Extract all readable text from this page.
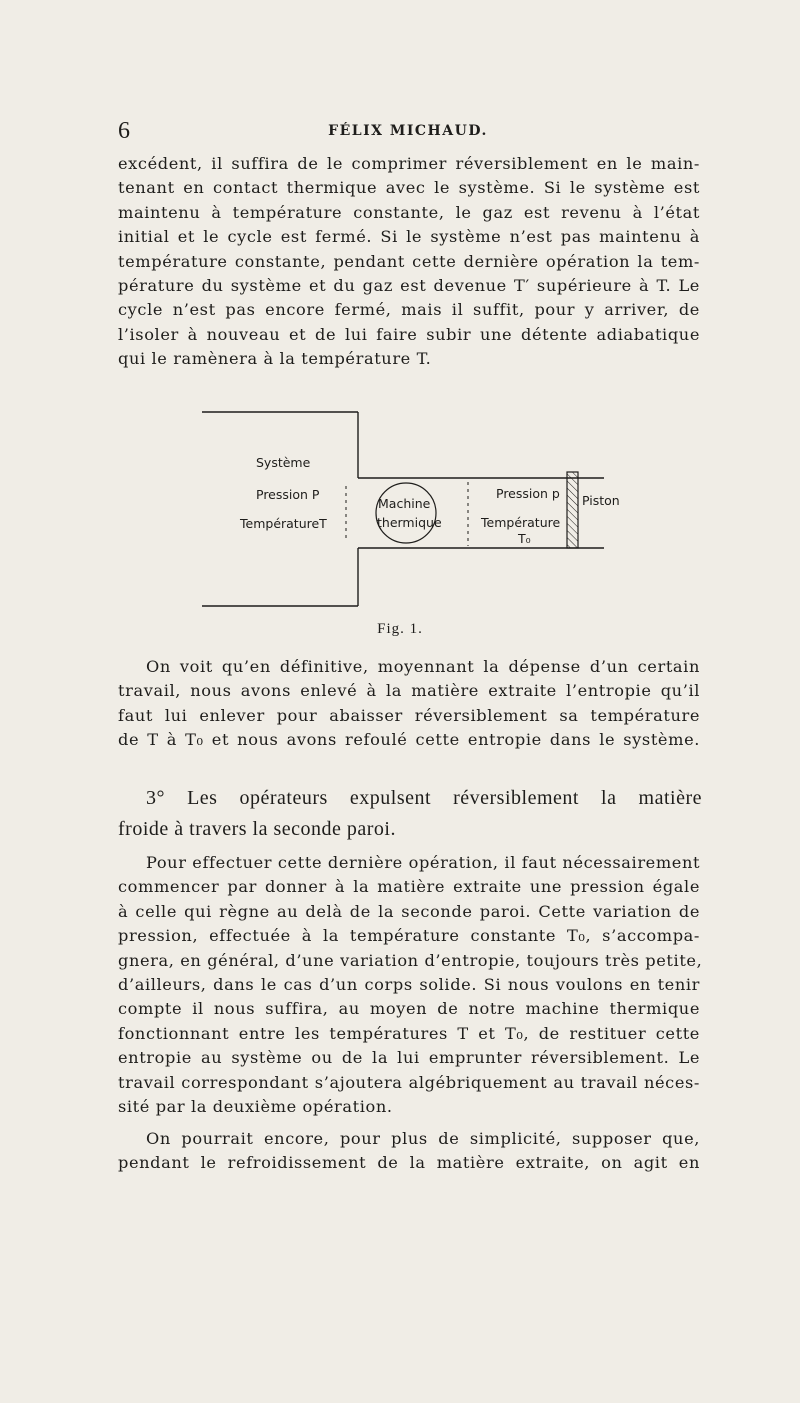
6	FÉLIX MICHAUD.
excédent, il suffira de le comprimer réversiblement en le main-
tenant en contact thermique avec le système. Si le système est
maintenu à température constante, le gaz est revenu à l’état
initial et le cycle est fermé. Si le système n’est pas maintenu à
température constante, pendant cette dernière opération la tem-
pérature du système et du gaz est devenue T′ supérieure à T. Le
cycle n’est pas encore fermé, mais il suffit, pour y arriver, de
l’isoler à nouveau et de lui faire subir une détente adiabatique
qui le ramènera à la température T.
Système
Pression P
TempératureT
Machine
thermique
Pression p
Température
T₀
Piston
Fig. 1.
On voit qu’en définitive, moyennant la dépense d’un certain
travail, nous avons enlevé à la matière extraite l’entropie qu’il
faut lui enlever pour abaisser réversiblement sa température
de T à T₀ et nous avons refoulé cette entropie dans le système.
3° Les opérateurs expulsent réversiblement la matière
froide à travers la seconde paroi.
Pour effectuer cette dernière opération, il faut nécessairement
commencer par donner à la matière extraite une pression égale
à celle qui règne au delà de la seconde paroi. Cette variation de
pression, effectuée à la température constante T₀, s’accompa-
gnera, en général, d’une variation d’entropie, toujours très petite,
d’ailleurs, dans le cas d’un corps solide. Si nous voulons en tenir
compte il nous suffira, au moyen de notre machine thermique
fonctionnant entre les températures T et T₀, de restituer cette
entropie au système ou de la lui emprunter réversiblement. Le
travail correspondant s’ajoutera algébriquement au travail néces-
sité par la deuxième opération.
On pourrait encore, pour plus de simplicité, supposer que,
pendant le refroidissement de la matière extraite, on agit en
